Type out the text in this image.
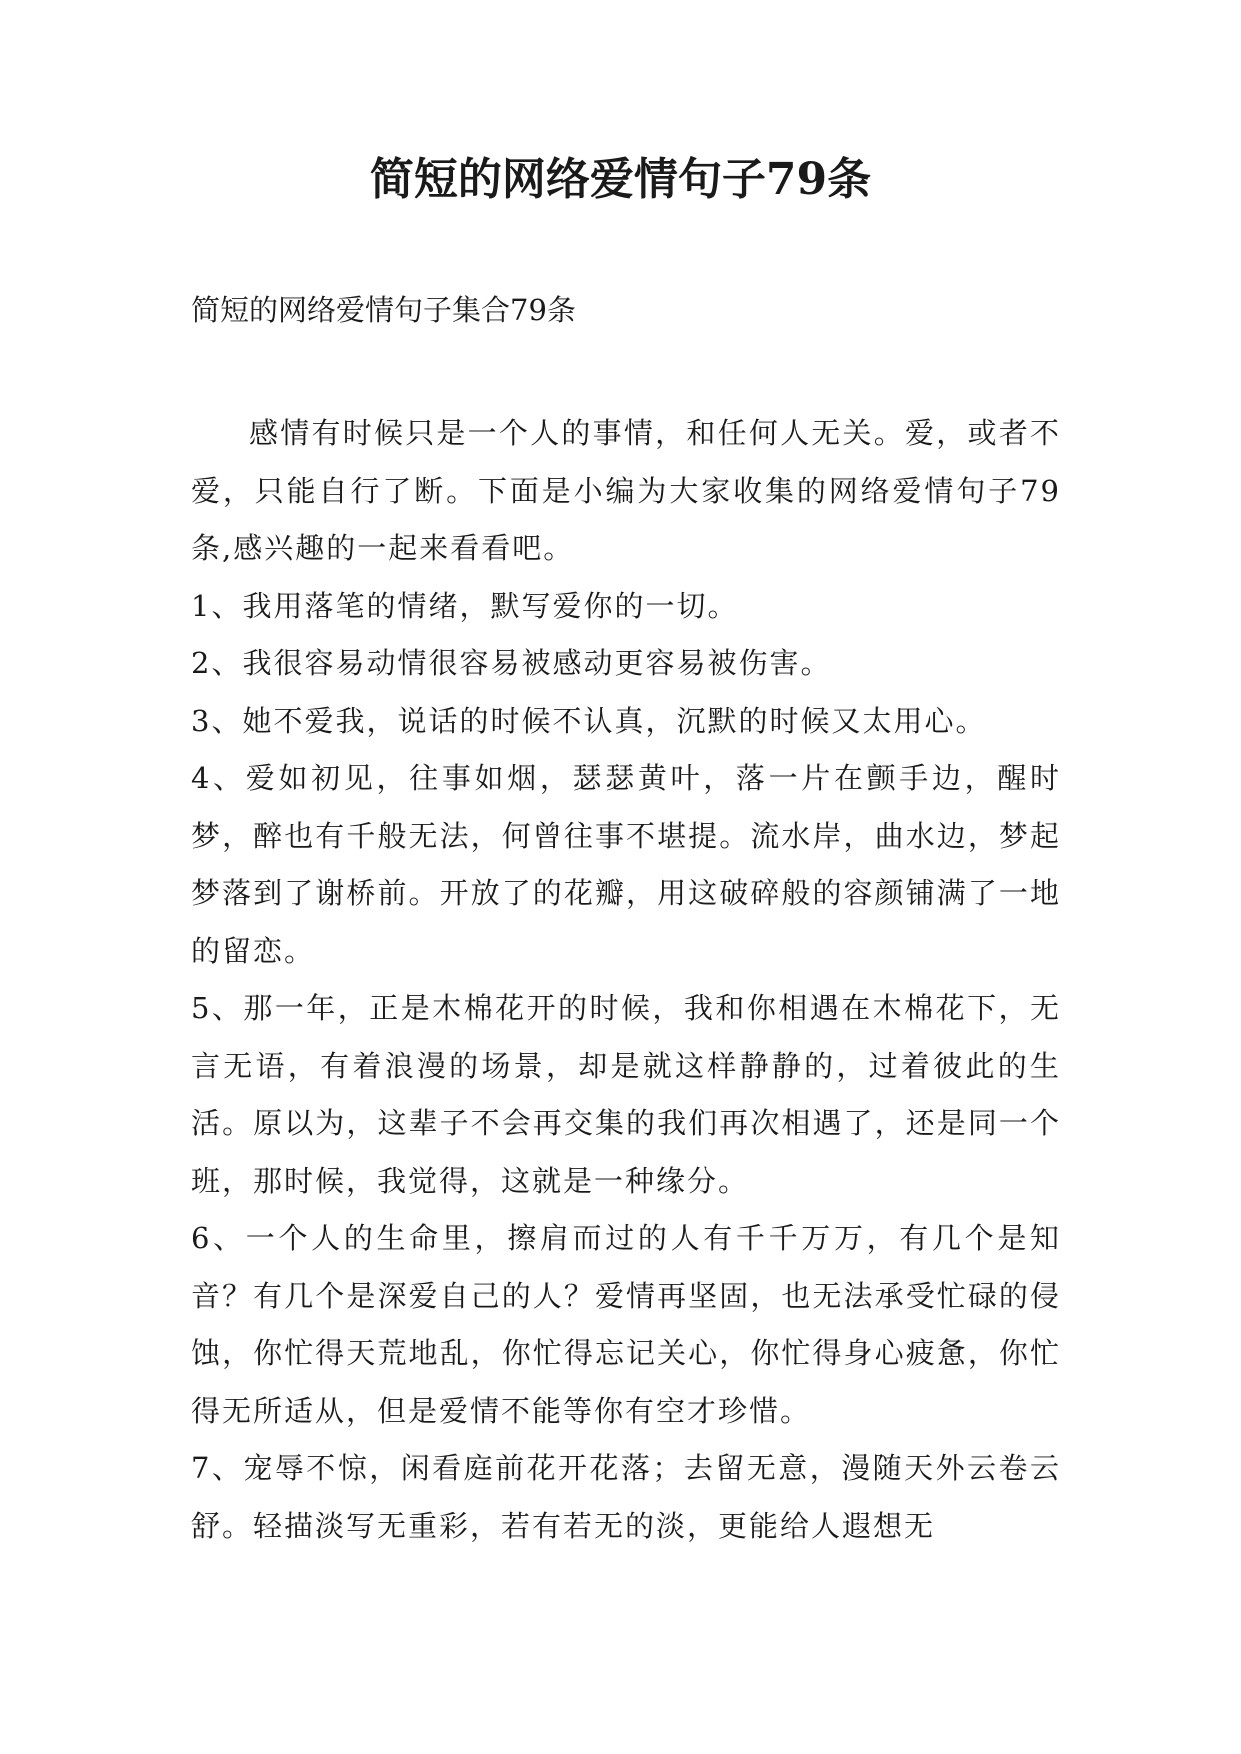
简短的网络爱情句子79条

简短的网络爱情句子集合79条

感情有时候只是一个人的事情，和任何人无关。爱，或者不爱，只能自行了断。下面是小编为大家收集的网络爱情句子79条,感兴趣的一起来看看吧。

1、我用落笔的情绪，默写爱你的一切。

2、我很容易动情很容易被感动更容易被伤害。

3、她不爱我，说话的时候不认真，沉默的时候又太用心。

4、爱如初见，往事如烟，瑟瑟黄叶，落一片在颤手边，醒时梦，醉也有千般无法，何曾往事不堪提。流水岸，曲水边，梦起梦落到了谢桥前。开放了的花瓣，用这破碎般的容颜铺满了一地的留恋。

5、那一年，正是木棉花开的时候，我和你相遇在木棉花下，无言无语，有着浪漫的场景，却是就这样静静的，过着彼此的生活。原以为，这辈子不会再交集的我们再次相遇了，还是同一个班，那时候，我觉得，这就是一种缘分。

6、一个人的生命里，擦肩而过的人有千千万万，有几个是知音？有几个是深爱自己的人？爱情再坚固，也无法承受忙碌的侵蚀，你忙得天荒地乱，你忙得忘记关心，你忙得身心疲惫，你忙得无所适从，但是爱情不能等你有空才珍惜。

7、宠辱不惊，闲看庭前花开花落；去留无意，漫随天外云卷云舒。轻描淡写无重彩，若有若无的淡，更能给人遐想无
